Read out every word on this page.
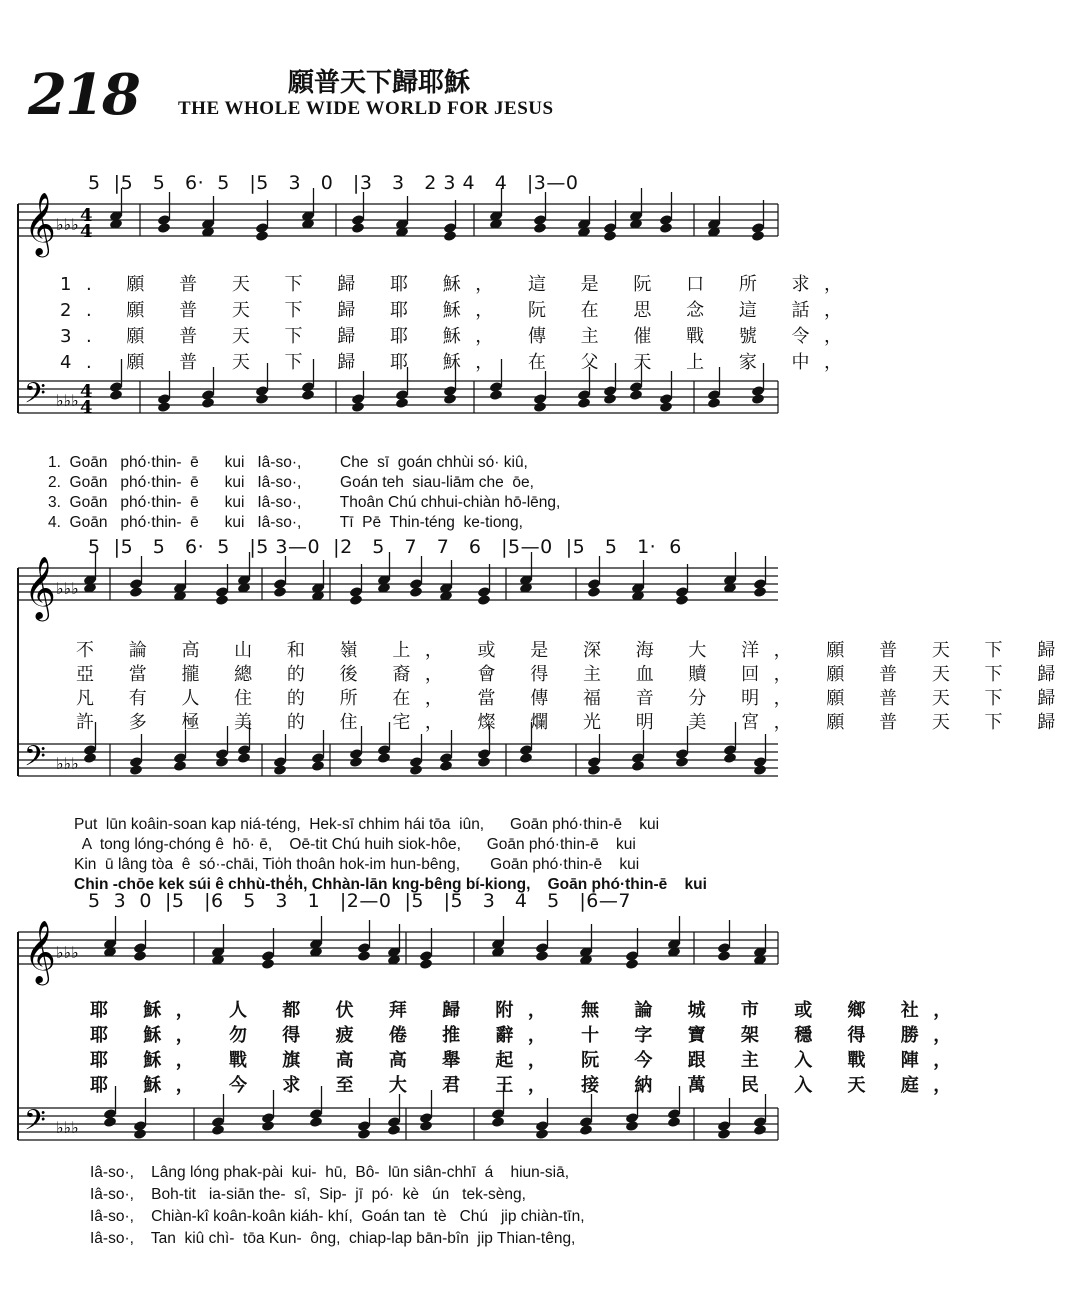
218	願普天下歸耶穌
THE WHOLE WIDE WORLD FOR JESUS
5  |5   5   6·  5   |5   3   0   |3   3   2 3 4   4   |3—0
𝄞 ♭♭♭ 4
4
𝄢 ♭♭♭ 4
4
1. 願 普 天 下 歸 耶 穌， 這 是 阮 口 所 求，
2. 願 普 天 下 歸 耶 穌， 阮 在 思 念 這 話，
3. 願 普 天 下 歸 耶 穌， 傳 主 催 戰 號 令，
4. 願 普 天 下 歸 耶 穌， 在 父 天 上 家 中，
1.  Goān   phó·thin-  ē      kui   Iâ-so·,         Che  sī  goán chhùi só· kiû,
2.  Goān   phó·thin-  ē      kui   Iâ-so·,         Goán teh  siau-liām che  ōe,
3.  Goān   phó·thin-  ē      kui   Iâ-so·,         Thoân Chú chhui-chiàn hō-lēng,
4.  Goān   phó·thin-  ē      kui   Iâ-so·,         Tī  Pē  Thin-téng  ke-tiong,
5  |5   5   6·  5   |5 3—0  |2   5   7   7   6   |5—0  |5   5   1·  6
𝄞 ♭♭♭
𝄢 ♭♭♭
不 論 高 山 和 嶺 上， 或 是 深 海 大 洋， 願 普 天 下 歸
亞 當 攏 總 的 後 裔， 會 得 主 血 贖 回， 願 普 天 下 歸
凡 有 人 住 的 所 在， 當 傳 福 音 分 明， 願 普 天 下 歸
許 多 極 美 的 住 宅， 燦 爛 光 明 美 宮， 願 普 天 下 歸
Put  lūn koâin-soan kap niá-téng,  Hek-sī chhim hái tōa  iûn,      Goān phó·thin-ē    kui
A  tong lóng-chóng ê  hō· ē,    Oē-tit Chú huih siok-hôe,      Goān phó·thin-ē    kui
Kin  ū lâng tòa  ê  só·-chāi, Tio̍h thoân hok-im hun-bêng,       Goān phó·thin-ē    kui
Chin -chōe kek súi ê chhù-thé̍h, Chhàn-lān kng-bêng bí-kiong,    Goān phó·thin-ē    kui
5  3  0  |5   |6   5   3   1   |2—0  |5   |5   3   4   5   |6—7
𝄞 ♭♭♭
𝄢 ♭♭♭
耶 穌， 人 都 伏 拜 歸 附， 無 論 城 市 或 鄉 社，
耶 穌， 勿 得 疲 倦 推 辭， 十 字 寶 架 穩 得 勝，
耶 穌， 戰 旗 高 高 舉 起， 阮 今 跟 主 入 戰 陣，
耶 穌， 今 求 至 大 君 王， 接 納 萬 民 入 天 庭，
Iâ-so·,    Lâng lóng phak-pài  kui-  hū,  Bô-  lūn siân-chhī  á    hiun-siā,
Iâ-so·,    Boh-tit   ia-siān the-  sî,  Sip-  jī  pó·  kè   ún   tek-sèng,
Iâ-so·,    Chiàn-kî koân-koân kiáh- khí,  Goán tan  tè   Chú   jip chiàn-tīn,
Iâ-so·,    Tan  kiû chì-  tōa Kun-  ông,  chiap-lap bān-bîn  jip Thian-têng,
